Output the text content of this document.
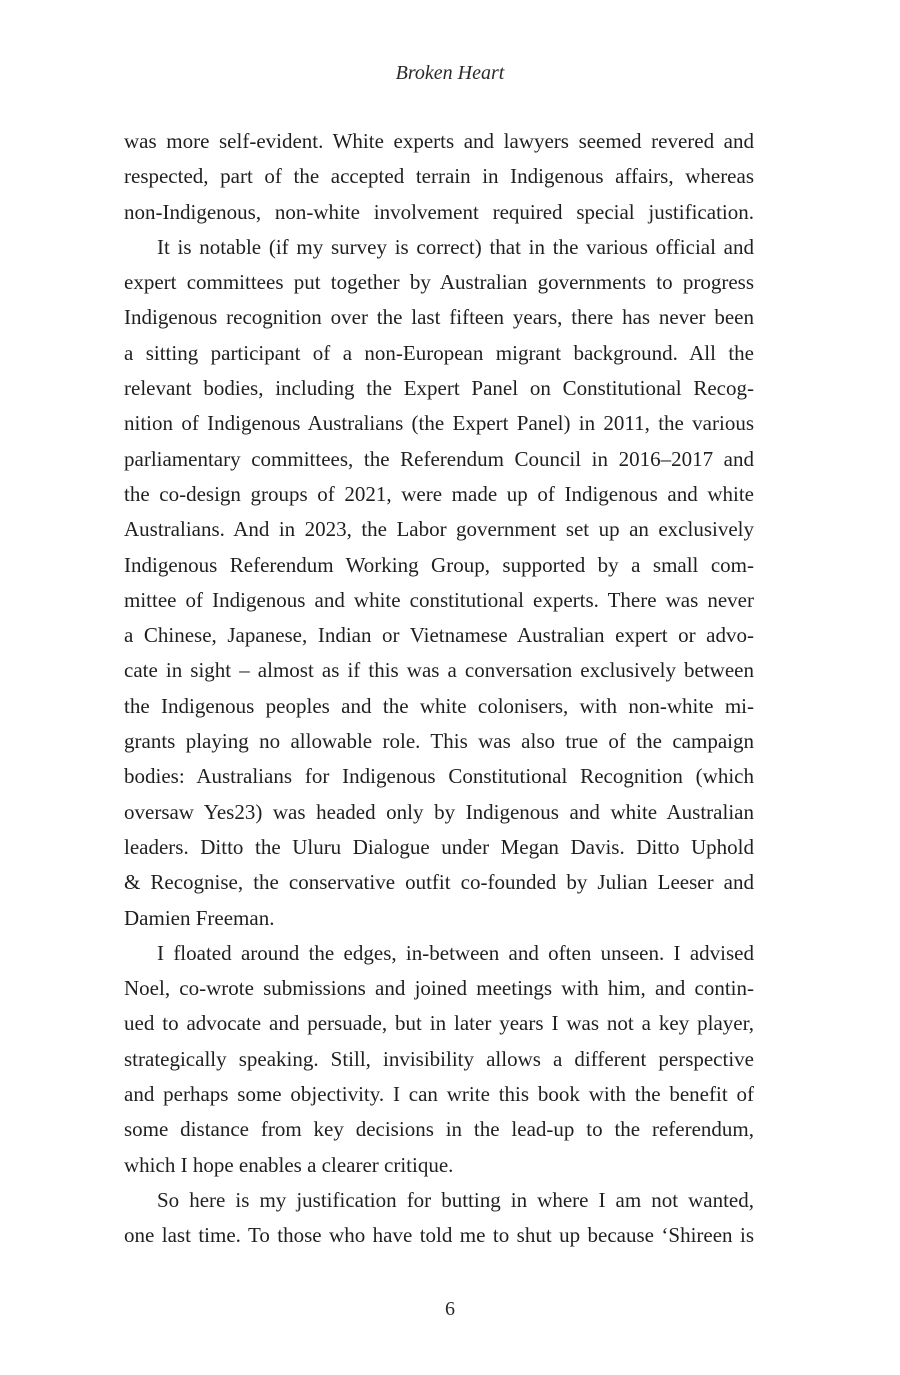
Broken Heart
was more self-evident. White experts and lawyers seemed revered and
respected, part of the accepted terrain in Indigenous affairs, whereas
non-Indigenous, non-white involvement required special justification.
It is notable (if my survey is correct) that in the various official and
expert committees put together by Australian governments to progress
Indigenous recognition over the last fifteen years, there has never been
a sitting participant of a non-European migrant background. All the
relevant bodies, including the Expert Panel on Constitutional Recog-
nition of Indigenous Australians (the Expert Panel) in 2011, the various
parliamentary committees, the Referendum Council in 2016–2017 and
the co-design groups of 2021, were made up of Indigenous and white
Australians. And in 2023, the Labor government set up an exclusively
Indigenous Referendum Working Group, supported by a small com-
mittee of Indigenous and white constitutional experts. There was never
a Chinese, Japanese, Indian or Vietnamese Australian expert or advo-
cate in sight – almost as if this was a conversation exclusively between
the Indigenous peoples and the white colonisers, with non-white mi-
grants playing no allowable role. This was also true of the campaign
bodies: Australians for Indigenous Constitutional Recognition (which
oversaw Yes23) was headed only by Indigenous and white Australian
leaders. Ditto the Uluru Dialogue under Megan Davis. Ditto Uphold
& Recognise, the conservative outfit co-founded by Julian Leeser and
Damien Freeman.
I floated around the edges, in-between and often unseen. I advised
Noel, co-wrote submissions and joined meetings with him, and contin-
ued to advocate and persuade, but in later years I was not a key player,
strategically speaking. Still, invisibility allows a different perspective
and perhaps some objectivity. I can write this book with the benefit of
some distance from key decisions in the lead-up to the referendum,
which I hope enables a clearer critique.
So here is my justification for butting in where I am not wanted,
one last time. To those who have told me to shut up because ‘Shireen is
6
